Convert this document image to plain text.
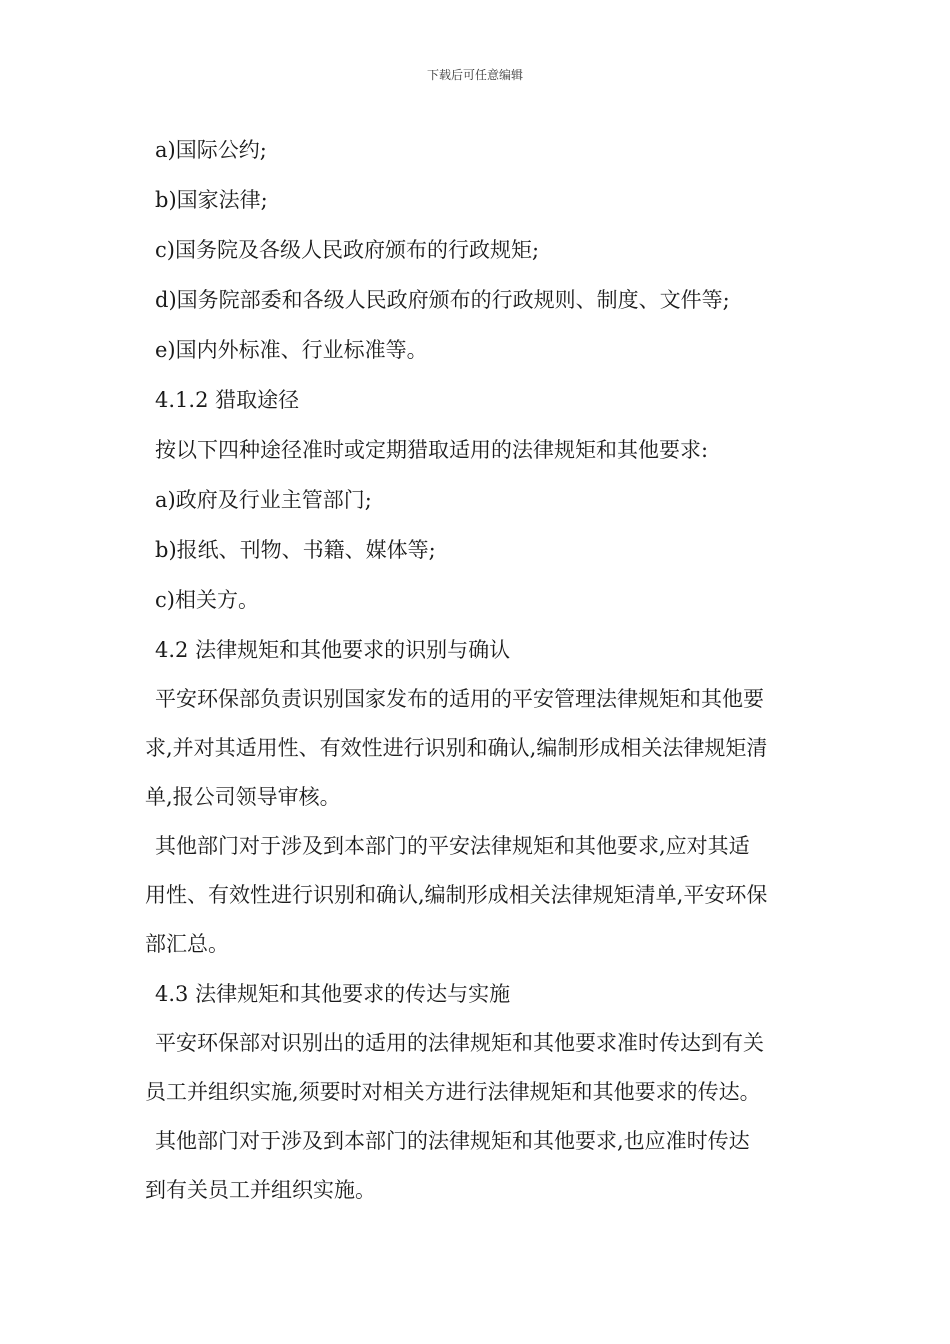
下载后可任意编辑
a)国际公约;
b)国家法律;
c)国务院及各级人民政府颁布的行政规矩;
d)国务院部委和各级人民政府颁布的行政规则、制度、文件等;
e)国内外标准、行业标准等。
4.1.2 猎取途径
按以下四种途径准时或定期猎取适用的法律规矩和其他要求:
a)政府及行业主管部门;
b)报纸、刊物、书籍、媒体等;
c)相关方。
4.2 法律规矩和其他要求的识别与确认
平安环保部负责识别国家发布的适用的平安管理法律规矩和其他要
求,并对其适用性、有效性进行识别和确认,编制形成相关法律规矩清
单,报公司领导审核。
其他部门对于涉及到本部门的平安法律规矩和其他要求,应对其适
用性、有效性进行识别和确认,编制形成相关法律规矩清单,平安环保
部汇总。
4.3 法律规矩和其他要求的传达与实施
平安环保部对识别出的适用的法律规矩和其他要求准时传达到有关
员工并组织实施,须要时对相关方进行法律规矩和其他要求的传达。
其他部门对于涉及到本部门的法律规矩和其他要求,也应准时传达
到有关员工并组织实施。
